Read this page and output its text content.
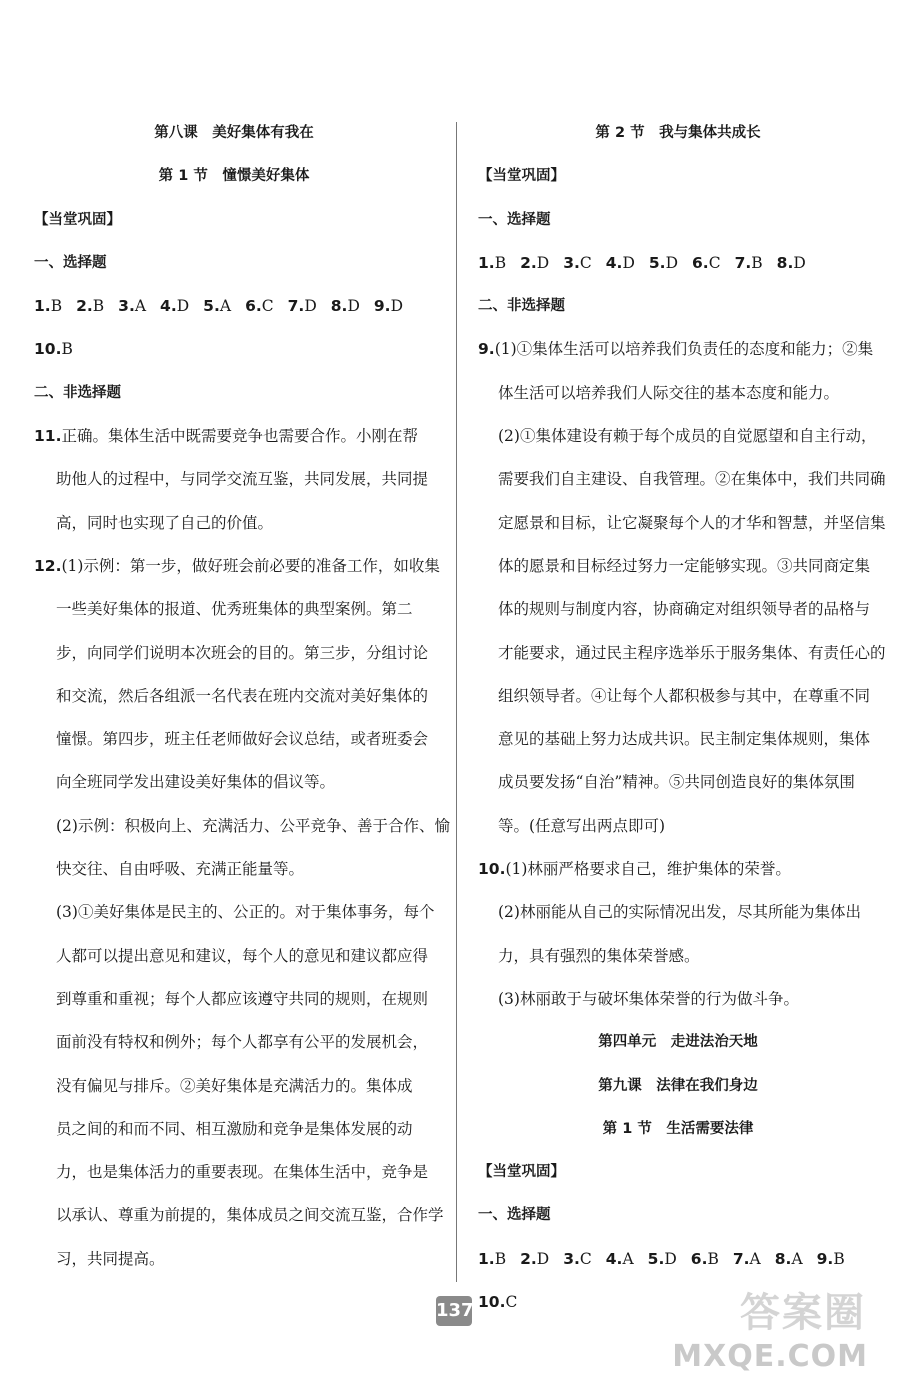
第八课　美好集体有我在
第 1 节　憧憬美好集体
【当堂巩固】
一、选择题
1.B 2.B 3.A 4.D 5.A 6.C 7.D 8.D 9.D
10.B
二、非选择题
11.正确。集体生活中既需要竞争也需要合作。小刚在帮
助他人的过程中，与同学交流互鉴，共同发展，共同提
高，同时也实现了自己的价值。
12.(1)示例：第一步，做好班会前必要的准备工作，如收集
一些美好集体的报道、优秀班集体的典型案例。第二
步，向同学们说明本次班会的目的。第三步，分组讨论
和交流，然后各组派一名代表在班内交流对美好集体的
憧憬。第四步，班主任老师做好会议总结，或者班委会
向全班同学发出建设美好集体的倡议等。
(2)示例：积极向上、充满活力、公平竞争、善于合作、愉
快交往、自由呼吸、充满正能量等。
(3)①美好集体是民主的、公正的。对于集体事务，每个
人都可以提出意见和建议，每个人的意见和建议都应得
到尊重和重视；每个人都应该遵守共同的规则，在规则
面前没有特权和例外；每个人都享有公平的发展机会，
没有偏见与排斥。②美好集体是充满活力的。集体成
员之间的和而不同、相互激励和竞争是集体发展的动
力，也是集体活力的重要表现。在集体生活中，竞争是
以承认、尊重为前提的，集体成员之间交流互鉴，合作学
习，共同提高。
第 2 节　我与集体共成长
【当堂巩固】
一、选择题
1.B 2.D 3.C 4.D 5.D 6.C 7.B 8.D
二、非选择题
9.(1)①集体生活可以培养我们负责任的态度和能力；②集
体生活可以培养我们人际交往的基本态度和能力。
(2)①集体建设有赖于每个成员的自觉愿望和自主行动，
需要我们自主建设、自我管理。②在集体中，我们共同确
定愿景和目标，让它凝聚每个人的才华和智慧，并坚信集
体的愿景和目标经过努力一定能够实现。③共同商定集
体的规则与制度内容，协商确定对组织领导者的品格与
才能要求，通过民主程序选举乐于服务集体、有责任心的
组织领导者。④让每个人都积极参与其中，在尊重不同
意见的基础上努力达成共识。民主制定集体规则，集体
成员要发扬“自治”精神。⑤共同创造良好的集体氛围
等。(任意写出两点即可)
10.(1)林丽严格要求自己，维护集体的荣誉。
(2)林丽能从自己的实际情况出发，尽其所能为集体出
力，具有强烈的集体荣誉感。
(3)林丽敢于与破坏集体荣誉的行为做斗争。
第四单元　走进法治天地
第九课　法律在我们身边
第 1 节　生活需要法律
【当堂巩固】
一、选择题
1.B 2.D 3.C 4.A 5.D 6.B 7.A 8.A 9.B
10.C
137	答案圈
MXQE.COM
